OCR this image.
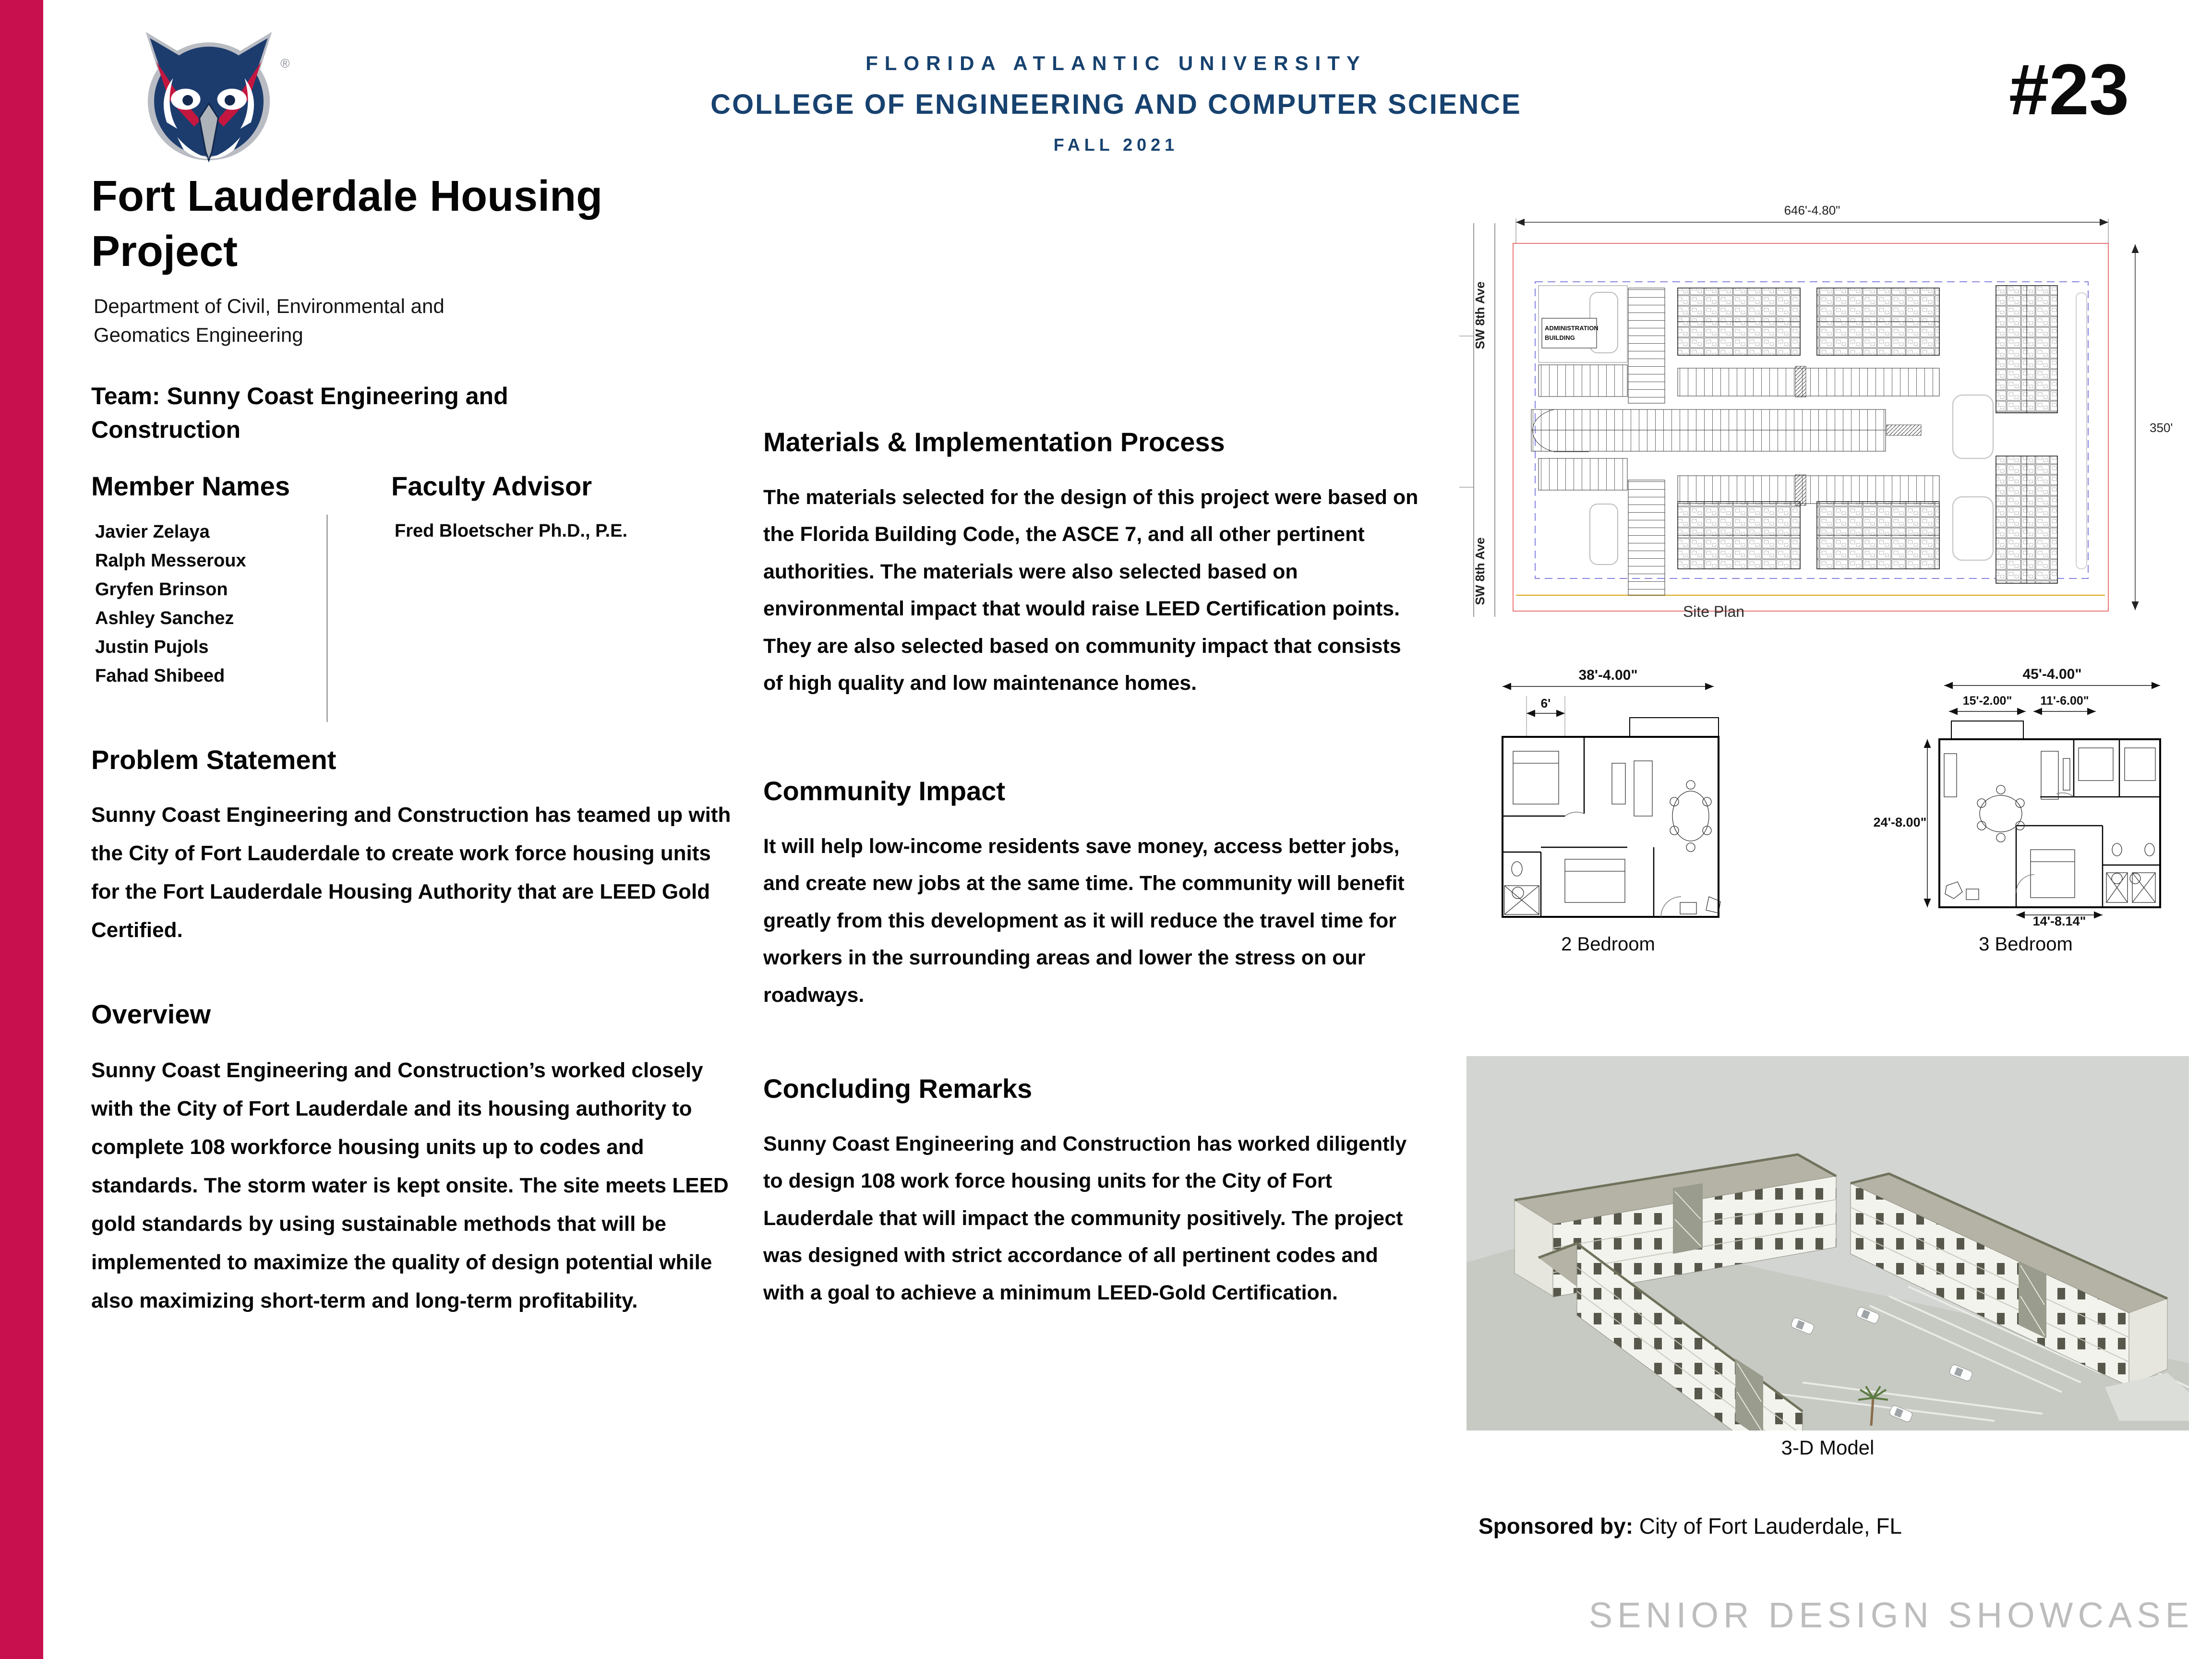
®	FLORIDA ATLANTIC UNIVERSITY
COLLEGE OF ENGINEERING AND COMPUTER SCIENCE
FALL 2021
#23
Fort Lauderdale Housing Project
Department of Civil, Environmental and Geomatics Engineering
Team: Sunny Coast Engineering and Construction
Member Names	Faculty Advisor
Javier Zelaya
Ralph Messeroux
Gryfen Brinson
Ashley Sanchez
Justin Pujols
Fahad Shibeed
Fred Bloetscher Ph.D., P.E.
Problem Statement
Sunny Coast Engineering and Construction has teamed up with the City of Fort Lauderdale to create work force housing units for the Fort Lauderdale Housing Authority that are LEED Gold Certified.
Overview
Sunny Coast Engineering and Construction’s worked closely with the City of Fort Lauderdale and its housing authority to complete 108 workforce housing units up to codes and standards. The storm water is kept onsite. The site meets LEED gold standards by using sustainable methods that will be implemented to maximize the quality of design potential while also maximizing short-term and long-term profitability.
Materials & Implementation Process
The materials selected for the design of this project were based on the Florida Building Code, the ASCE 7, and all other pertinent authorities. The materials were also selected based on environmental impact that would raise LEED Certification points. They are also selected based on community impact that consists of high quality and low maintenance homes.
Community Impact
It will help low-income residents save money, access better jobs, and create new jobs at the same time. The community will benefit greatly from this development as it will reduce the travel time for workers in the surrounding areas and lower the stress on our roadways.
Concluding Remarks
Sunny Coast Engineering and Construction has worked diligently to design 108 work force housing units for the City of Fort Lauderdale that will impact the community positively. The project was designed with strict accordance of all pertinent codes and with a goal to achieve a minimum LEED-Gold Certification.
SW 8th Ave
SW 8th Ave
646'-4.80"
350'
ADMINISTRATION
BUILDING
Site Plan
38'-4.00"
6'
2 Bedroom
45'-4.00"
15'-2.00" 11'-6.00"
24'-8.00"
14'-8.14"
3 Bedroom
3-D Model
Sponsored by: City of Fort Lauderdale, FL
SENIOR DESIGN SHOWCASE
